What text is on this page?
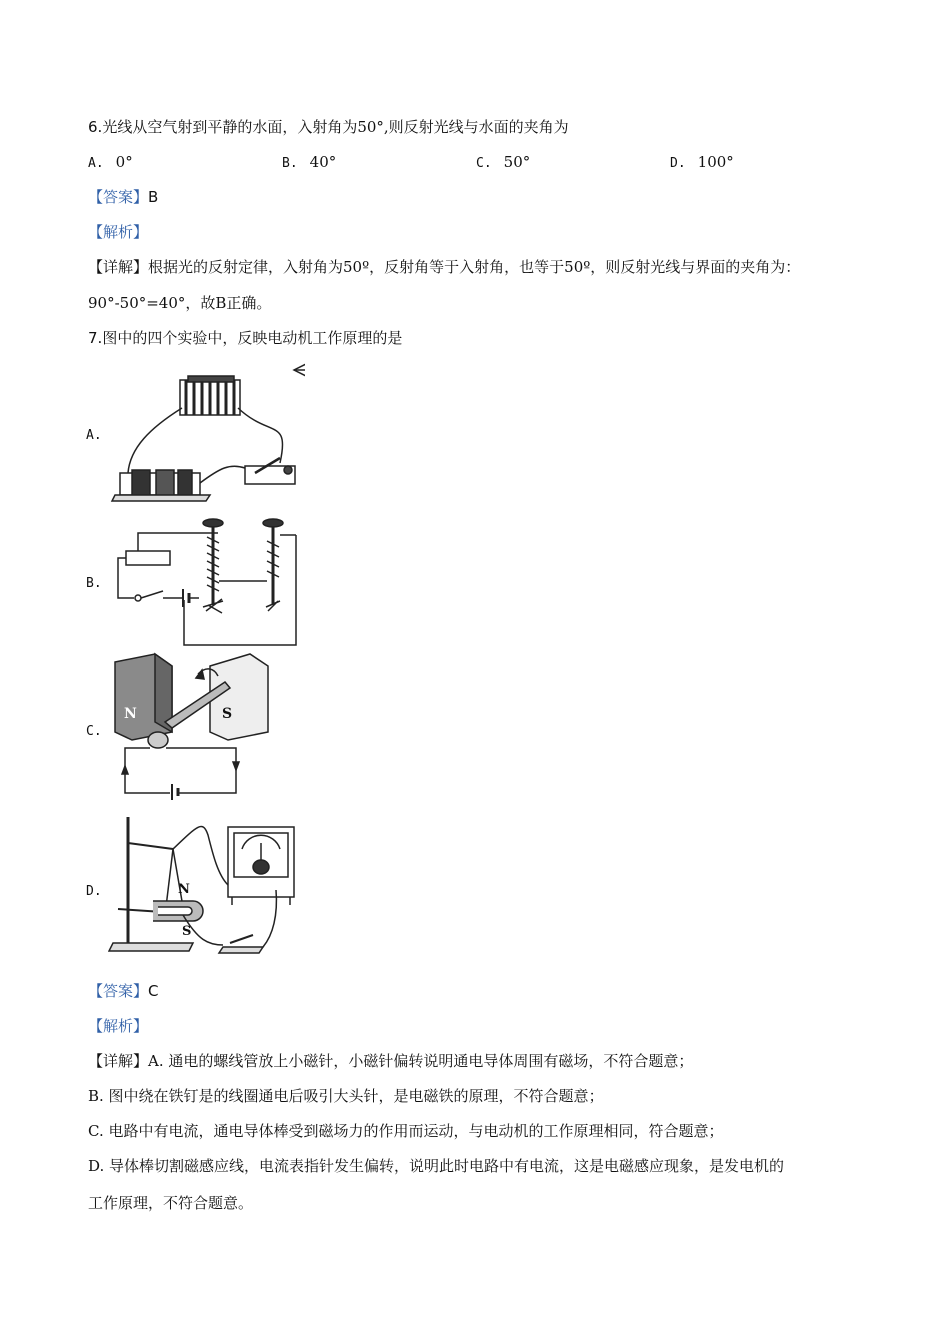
6.光线从空气射到平静的水面，入射角为50°,则反射光线与水面的夹角为
A. 0°	B. 40°	C. 50°	D. 100°
【答案】B
【解析】
【详解】根据光的反射定律，入射角为50º，反射角等于入射角，也等于50º，则反射光线与界面的夹角为：
90°-50°=40°，故B正确。
7.图中的四个实验中，反映电动机工作原理的是
A.
B.
C.
N	S
D.	N
S
【答案】C
【解析】
【详解】A. 通电的螺线管放上小磁针，小磁针偏转说明通电导体周围有磁场，不符合题意；
B. 图中绕在铁钉是的线圈通电后吸引大头针，是电磁铁的原理，不符合题意；
C. 电路中有电流，通电导体棒受到磁场力的作用而运动，与电动机的工作原理相同，符合题意；
D. 导体棒切割磁感应线，电流表指针发生偏转，说明此时电路中有电流，这是电磁感应现象，是发电机的
工作原理，不符合题意。
